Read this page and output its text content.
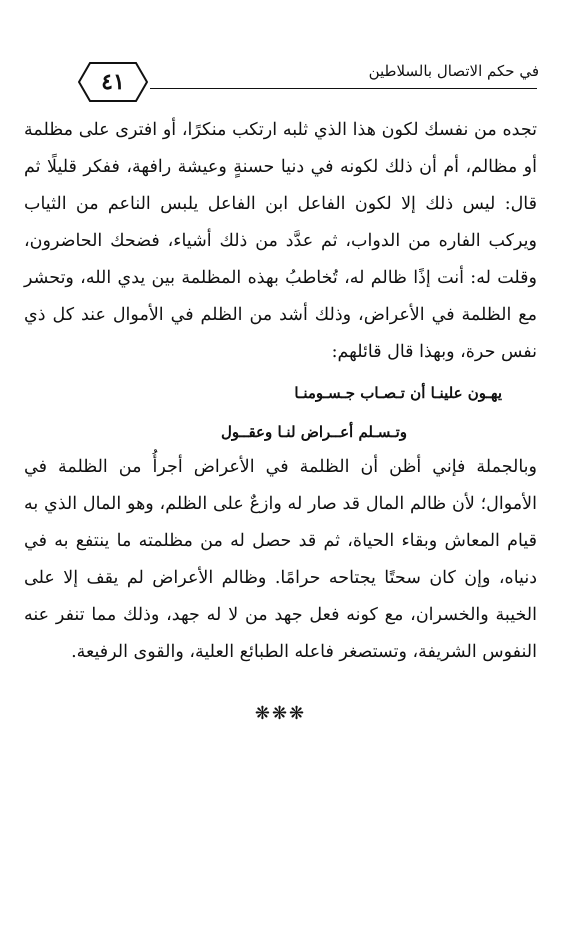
٤١	في حكم الاتصال بالسلاطين

تجده من نفسك لكون هذا الذي ثلبه ارتكب منكرًا، أو افترى على مظلمة أو مظالم، أم أن ذلك لكونه في دنيا حسنةٍ وعيشة رافهة، ففكر قليلًا ثم قال: ليس ذلك إلا لكون الفاعل ابن الفاعل يلبس الناعم من الثياب ويركب الفاره من الدواب، ثم عدَّد من ذلك أشياء، فضحك الحاضرون، وقلت له: أنت إذًا ظالم له، تُخاطبُ بهذه المظلمة بين يدي الله، وتحشر مع الظلمة في الأعراض، وذلك أشد من الظلم في الأموال عند كل ذي نفس حرة، وبهذا قال قائلهم:

يهـون علينـا أن تـصـاب جـسـومنـا

وتـسـلم أعــراض لنـا وعقــول

وبالجملة فإني أظن أن الظلمة في الأعراض أجرأُ من الظلمة في الأموال؛ لأن ظالم المال قد صار له وازعٌ على الظلم، وهو المال الذي به قيام المعاش وبقاء الحياة، ثم قد حصل له من مظلمته ما ينتفع به في دنياه، وإن كان سحتًا يجتاحه حرامًا. وظالم الأعراض لم يقف إلا على الخيبة والخسران، مع كونه فعل جهد من لا له جهد، وذلك مما تنفر عنه النفوس الشريفة، وتستصغر فاعله الطبائع العلية، والقوى الرفيعة.

❋❋❋
